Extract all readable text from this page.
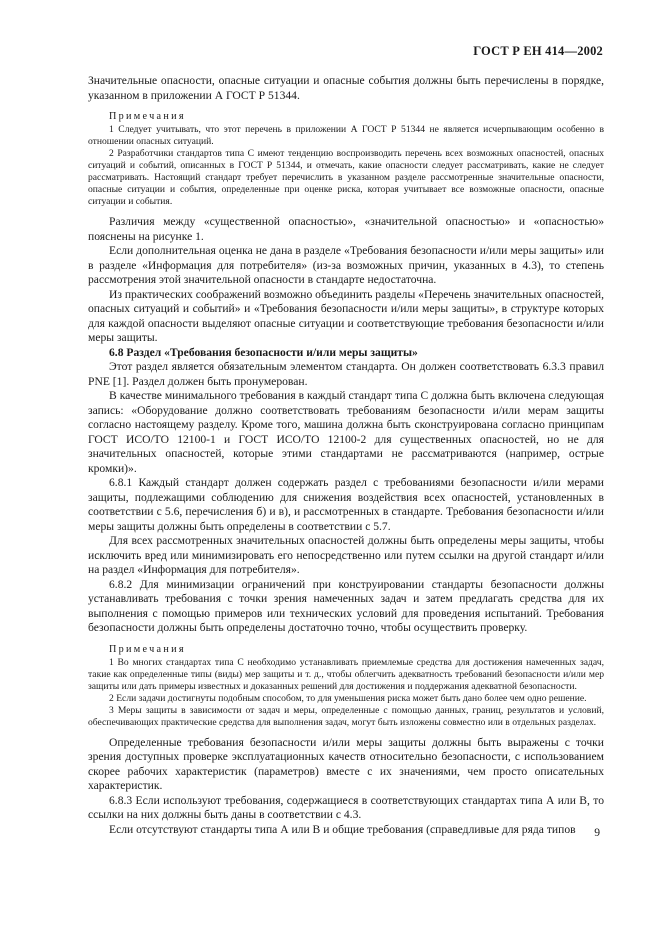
ГОСТ Р ЕН 414—2002

Значительные опасности, опасные ситуации и опасные события должны быть перечислены в порядке, указанном в приложении А ГОСТ Р 51344.

Примечания

1 Следует учитывать, что этот перечень в приложении А ГОСТ Р 51344 не является исчерпывающим особенно в отношении опасных ситуаций.

2 Разработчики стандартов типа С имеют тенденцию воспроизводить перечень всех возможных опасностей, опасных ситуаций и событий, описанных в ГОСТ Р 51344, и отмечать, какие опасности следует рассматривать, какие не следует рассматривать. Настоящий стандарт требует перечислить в указанном разделе рассмотренные значительные опасности, опасные ситуации и события, определенные при оценке риска, которая учитывает все возможные опасности, опасные ситуации и события.

Различия между «существенной опасностью», «значительной опасностью» и «опасностью» пояснены на рисунке 1.

Если дополнительная оценка не дана в разделе «Требования безопасности и/или меры защиты» или в разделе «Информация для потребителя» (из-за возможных причин, указанных в 4.3), то степень рассмотрения этой значительной опасности в стандарте недостаточна.

Из практических соображений возможно объединить разделы «Перечень значительных опасностей, опасных ситуаций и событий» и «Требования безопасности и/или меры защиты», в структуре которых для каждой опасности выделяют опасные ситуации и соответствующие требования безопасности и/или меры защиты.

6.8 Раздел «Требования безопасности и/или меры защиты»

Этот раздел является обязательным элементом стандарта. Он должен соответствовать 6.3.3 правил PNE [1]. Раздел должен быть пронумерован.

В качестве минимального требования в каждый стандарт типа С должна быть включена следующая запись: «Оборудование должно соответствовать требованиям безопасности и/или мерам защиты согласно настоящему разделу. Кроме того, машина должна быть сконструирована согласно принципам ГОСТ ИСО/ТО 12100-1 и ГОСТ ИСО/ТО 12100-2 для существенных опасностей, но не для значительных опасностей, которые этими стандартами не рассматриваются (например, острые кромки)».

6.8.1 Каждый стандарт должен содержать раздел с требованиями безопасности и/или мерами защиты, подлежащими соблюдению для снижения воздействия всех опасностей, установленных в соответствии с 5.6, перечисления б) и в), и рассмотренных в стандарте. Требования безопасности и/или меры защиты должны быть определены в соответствии с 5.7.

Для всех рассмотренных значительных опасностей должны быть определены меры защиты, чтобы исключить вред или минимизировать его непосредственно или путем ссылки на другой стандарт и/или на раздел «Информация для потребителя».

6.8.2 Для минимизации ограничений при конструировании стандарты безопасности должны устанавливать требования с точки зрения намеченных задач и затем предлагать средства для их выполнения с помощью примеров или технических условий для проведения испытаний. Требования безопасности должны быть определены достаточно точно, чтобы осуществить проверку.

Примечания

1 Во многих стандартах типа С необходимо устанавливать приемлемые средства для достижения намеченных задач, такие как определенные типы (виды) мер защиты и т. д., чтобы облегчить адекватность требований безопасности и/или мер защиты или дать примеры известных и доказанных решений для достижения и поддержания адекватной безопасности.

2 Если задачи достигнуты подобным способом, то для уменьшения риска может быть дано более чем одно решение.

3 Меры защиты в зависимости от задач и меры, определенные с помощью данных, границ, результатов и условий, обеспечивающих практические средства для выполнения задач, могут быть изложены совместно или в отдельных разделах.

Определенные требования безопасности и/или меры защиты должны быть выражены с точки зрения доступных проверке эксплуатационных качеств относительно безопасности, с использованием скорее рабочих характеристик (параметров) вместе с их значениями, чем просто описательных характеристик.

6.8.3 Если используют требования, содержащиеся в соответствующих стандартах типа А или В, то ссылки на них должны быть даны в соответствии с 4.3.

Если отсутствуют стандарты типа А или В и общие требования (справедливые для ряда типов	9
